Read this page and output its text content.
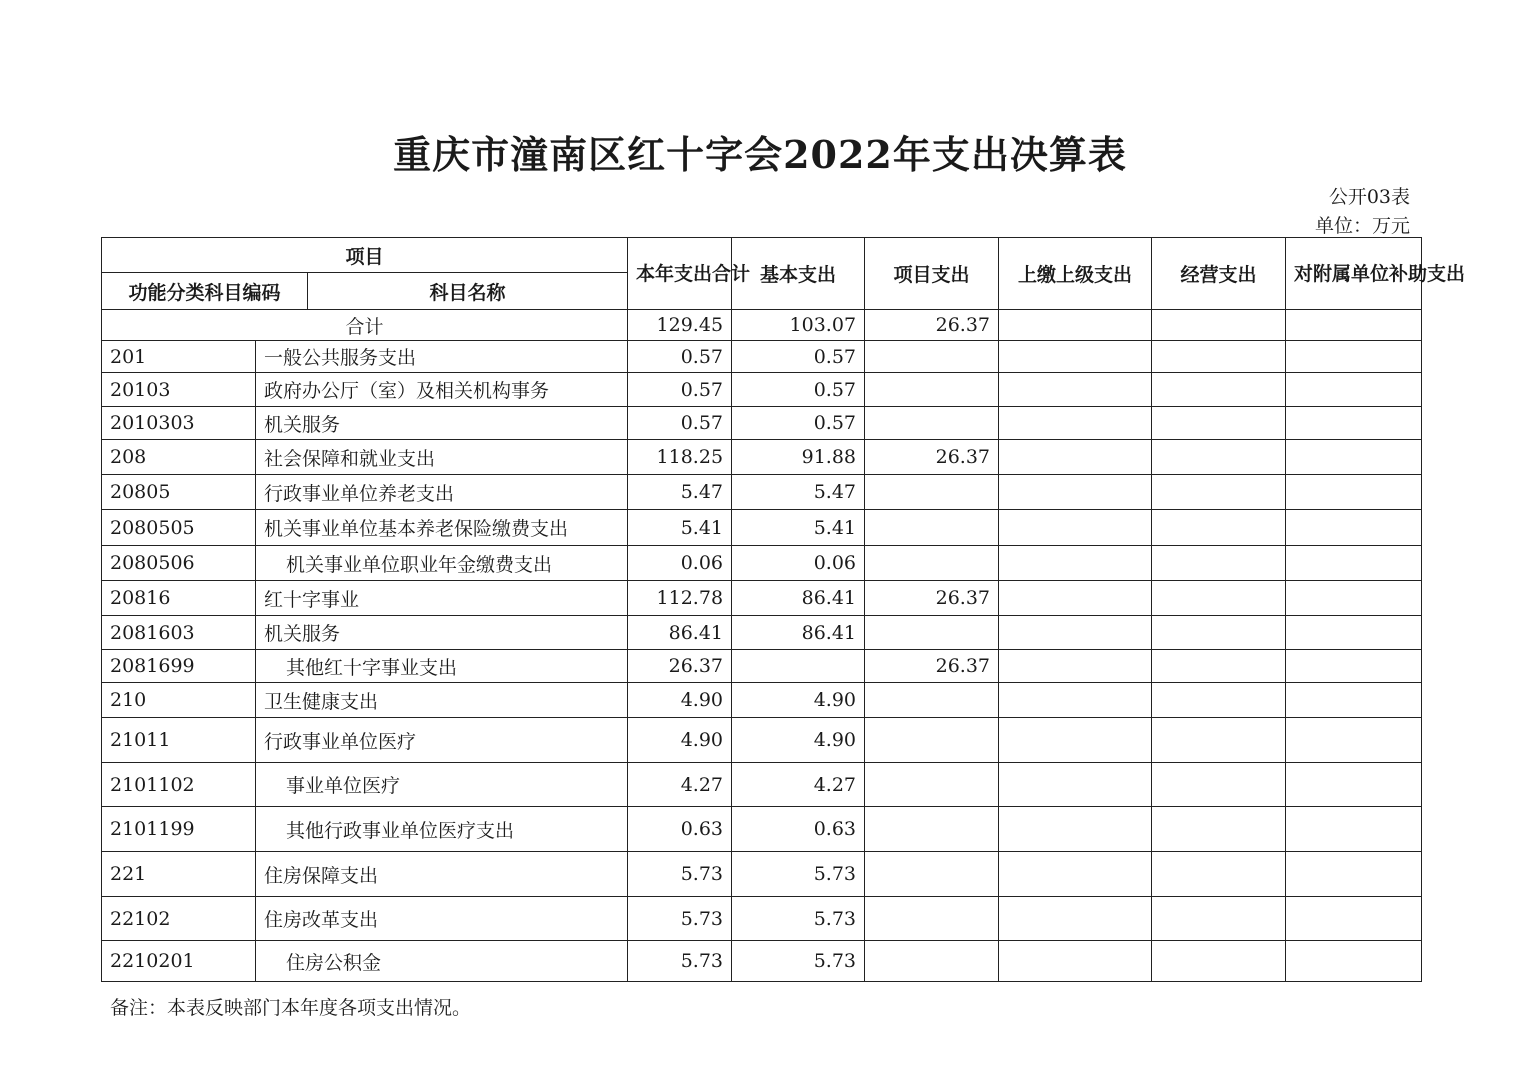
重庆市潼南区红十字会2022年支出决算表
公开03表
单位：万元
项目			本年支出合计	基本支出	项目支出	上缴上级支出	经营支出	对附属单位补助支出
功能分类科目编码		科目名称						
合计			129.45	103.07	26.37			
201	一般公共服务支出		0.57	0.57				
20103	政府办公厅（室）及相关机构事务		0.57	0.57				
2010303	机关服务		0.57	0.57				
208	社会保障和就业支出		118.25	91.88	26.37			
20805	行政事业单位养老支出		5.47	5.47				
2080505	机关事业单位基本养老保险缴费支出		5.41	5.41				
2080506	机关事业单位职业年金缴费支出		0.06	0.06				
20816	红十字事业		112.78	86.41	26.37			
2081603	机关服务		86.41	86.41				
2081699	其他红十字事业支出		26.37		26.37			
210	卫生健康支出		4.90	4.90				
21011	行政事业单位医疗		4.90	4.90				
2101102	事业单位医疗		4.27	4.27				
2101199	其他行政事业单位医疗支出		0.63	0.63				
221	住房保障支出		5.73	5.73				
22102	住房改革支出		5.73	5.73				
2210201	住房公积金		5.73	5.73				
备注：本表反映部门本年度各项支出情况。
